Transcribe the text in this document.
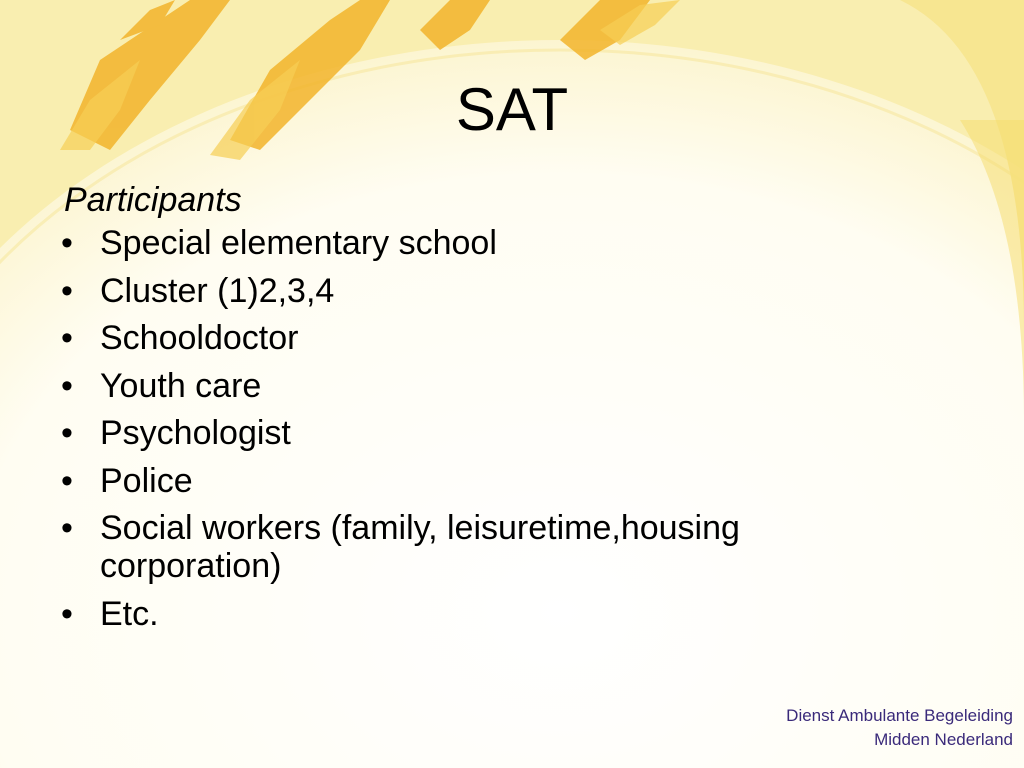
SAT

Participants

• Special elementary school
• Cluster (1)2,3,4
• Schooldoctor
• Youth care
• Psychologist
• Police
• Social workers (family, leisuretime,housing corporation)
• Etc.
Dienst Ambulante Begeleiding
Midden Nederland
